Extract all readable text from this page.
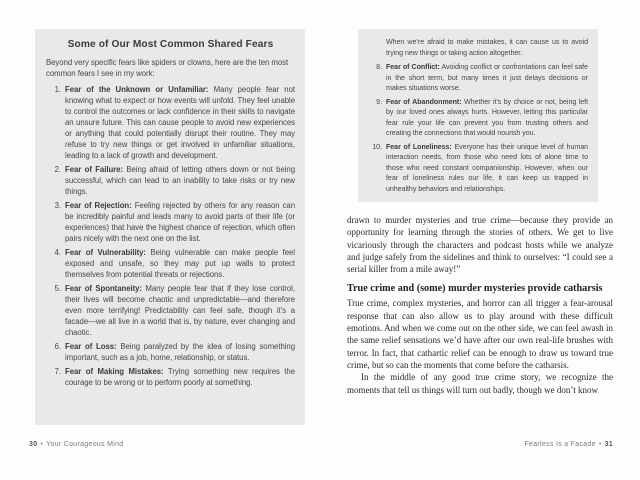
Some of Our Most Common Shared Fears
Beyond very specific fears like spiders or clowns, here are the ten most common fears I see in my work:
1. Fear of the Unknown or Unfamiliar: Many people fear not knowing what to expect or how events will unfold. They feel unable to control the outcomes or lack confidence in their skills to navigate an unsure future. This can cause people to avoid new experiences or anything that could potentially disrupt their routine. They may refuse to try new things or get involved in unfamiliar situations, leading to a lack of growth and development.
2. Fear of Failure: Being afraid of letting others down or not being successful, which can lead to an inability to take risks or try new things.
3. Fear of Rejection: Feeling rejected by others for any reason can be incredibly painful and leads many to avoid parts of their life (or experiences) that have the highest chance of rejection, which often pairs nicely with the next one on the list.
4. Fear of Vulnerability: Being vulnerable can make people feel exposed and unsafe, so they may put up walls to protect themselves from potential threats or rejections.
5. Fear of Spontaneity: Many people fear that if they lose control, their lives will become chaotic and unpredictable—and therefore even more terrifying! Predictability can feel safe, though it’s a facade—we all live in a world that is, by nature, ever changing and chaotic.
6. Fear of Loss: Being paralyzed by the idea of losing something important, such as a job, home, relationship, or status.
7. Fear of Making Mistakes: Trying something new requires the courage to be wrong or to perform poorly at something.
30 • Your Courageous Mind
When we’re afraid to make mistakes, it can cause us to avoid trying new things or taking action altogether.
8. Fear of Conflict: Avoiding conflict or confrontations can feel safe in the short term, but many times it just delays decisions or makes situations worse.
9. Fear of Abandonment: Whether it’s by choice or not, being left by our loved ones always hurts. However, letting this particular fear rule your life can prevent you from trusting others and creating the connections that would nourish you.
10. Fear of Loneliness: Everyone has their unique level of human interaction needs, from those who need lots of alone time to those who need constant companionship. However, when our fear of loneliness rules our life, it can keep us trapped in unhealthy behaviors and relationships.

drawn to murder mysteries and true crime—because they provide an opportunity for learning through the stories of others. We get to live vicariously through the characters and podcast hosts while we analyze and judge safely from the sidelines and think to ourselves: “I could see a serial killer from a mile away!”

True crime and (some) murder mysteries provide catharsis

True crime, complex mysteries, and horror can all trigger a fear-arousal response that can also allow us to play around with these difficult emotions. And when we come out on the other side, we can feel awash in the same relief sensations we’d have after our own real-life brushes with terror. In fact, that cathartic relief can be enough to draw us toward true crime, but so can the moments that come before the catharsis.

In the middle of any good true crime story, we recognize the moments that tell us things will turn out badly, though we don’t know

Fearless Is a Facade • 31
